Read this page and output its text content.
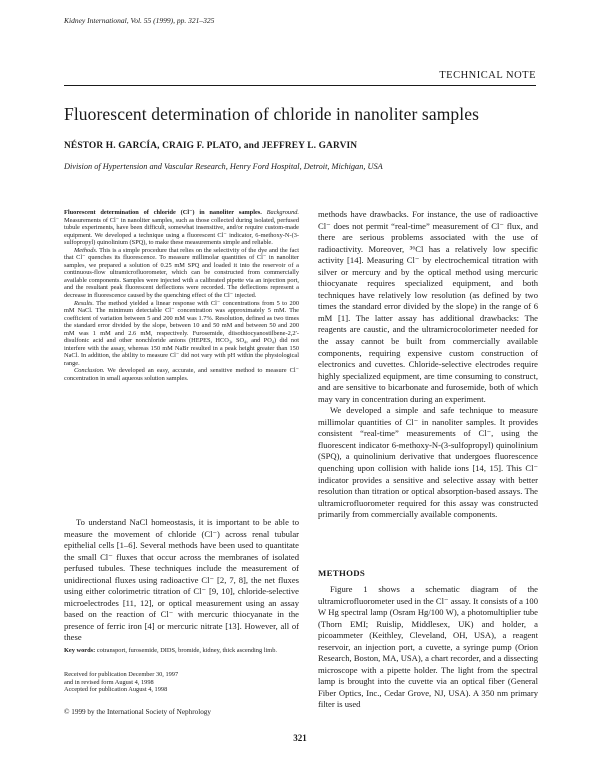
Kidney International, Vol. 55 (1999), pp. 321–325
TECHNICAL NOTE
Fluorescent determination of chloride in nanoliter samples
NÉSTOR H. GARCÍA, CRAIG F. PLATO, and JEFFREY L. GARVIN
Division of Hypertension and Vascular Research, Henry Ford Hospital, Detroit, Michigan, USA

Fluorescent determination of chloride (Cl⁻) in nanoliter samples. Background. Measurements of Cl⁻ in nanoliter samples, such as those collected during isolated, perfused tubule experiments, have been difficult, somewhat insensitive, and/or require custom-made equipment. We developed a technique using a fluorescent Cl⁻ indicator, 6-methoxy-N-(3-sulfopropyl) quinolinium (SPQ), to make these measurements simple and reliable.

Methods. This is a simple procedure that relies on the selectivity of the dye and the fact that Cl⁻ quenches its fluorescence. To measure millimolar quantities of Cl⁻ in nanoliter samples, we prepared a solution of 0.25 mM SPQ and loaded it into the reservoir of a continuous-flow ultramicrofluorometer, which can be constructed from commercially available components. Samples were injected with a calibrated pipette via an injection port, and the resultant peak fluorescent deflections were recorded. The deflections represent a decrease in fluorescence caused by the quenching effect of the Cl⁻ injected.

Results. The method yielded a linear response with Cl⁻ concentrations from 5 to 200 mM NaCl. The minimum detectable Cl⁻ concentration was approximately 5 mM. The coefficient of variation between 5 and 200 mM was 1.7%. Resolution, defined as two times the standard error divided by the slope, between 10 and 50 mM and between 50 and 200 mM was 1 mM and 2.6 mM, respectively. Furosemide, diisothiocyanostilbene-2,2′-disulfonic acid and other nonchloride anions (HEPES, HCO₃, SO₄, and PO₄) did not interfere with the assay, whereas 150 mM NaBr resulted in a peak height greater than 150 NaCl. In addition, the ability to measure Cl⁻ did not vary with pH within the physiological range.

Conclusion. We developed an easy, accurate, and sensitive method to measure Cl⁻ concentration in small aqueous solution samples.

To understand NaCl homeostasis, it is important to be able to measure the movement of chloride (Cl⁻) across renal tubular epithelial cells [1–6]. Several methods have been used to quantitate the small Cl⁻ fluxes that occur across the membranes of isolated perfused tubules. These techniques include the measurement of unidirectional fluxes using radioactive Cl⁻ [2, 7, 8], the net fluxes using either colorimetric titration of Cl⁻ [9, 10], chloride-selective microelectrodes [11, 12], or optical measurement using an assay based on the reaction of Cl⁻ with mercuric thiocyanate in the presence of ferric iron [4] or mercuric nitrate [13]. However, all of these

Key words: cotransport, furosemide, DIDS, bromide, kidney, thick ascending limb.
Received for publication December 30, 1997
and in revised form August 4, 1998
Accepted for publication August 4, 1998
© 1999 by the International Society of Nephrology

methods have drawbacks. For instance, the use of radioactive Cl⁻ does not permit “real-time” measurement of Cl⁻ flux, and there are serious problems associated with the use of radioactivity. Moreover, ³⁶Cl has a relatively low specific activity [14]. Measuring Cl⁻ by electrochemical titration with silver or mercury and by the optical method using mercuric thiocyanate requires specialized equipment, and both techniques have relatively low resolution (as defined by two times the standard error divided by the slope) in the range of 6 mM [1]. The latter assay has additional drawbacks: The reagents are caustic, and the ultramicrocolorimeter needed for the assay cannot be built from commercially available components, requiring expensive custom construction of electronics and cuvettes. Chloride-selective electrodes require highly specialized equipment, are time consuming to construct, and are sensitive to bicarbonate and furosemide, both of which may vary in concentration during an experiment.

We developed a simple and safe technique to measure millimolar quantities of Cl⁻ in nanoliter samples. It provides consistent “real-time” measurements of Cl⁻, using the fluorescent indicator 6-methoxy-N-(3-sulfopropyl) quinolinium (SPQ), a quinolinium derivative that undergoes fluorescence quenching upon collision with halide ions [14, 15]. This Cl⁻ indicator provides a sensitive and selective assay with better resolution than titration or optical absorption-based assays. The ultramicrofluorometer required for this assay was constructed primarily from commercially available components.

METHODS

Figure 1 shows a schematic diagram of the ultramicrofluorometer used in the Cl⁻ assay. It consists of a 100 W Hg spectral lamp (Osram Hg/100 W), a photomultiplier tube (Thorn EMI; Ruislip, Middlesex, UK) and holder, a picoammeter (Keithley, Cleveland, OH, USA), a reagent reservoir, an injection port, a cuvette, a syringe pump (Orion Research, Boston, MA, USA), a chart recorder, and a dissecting microscope with a pipette holder. The light from the spectral lamp is brought into the cuvette via an optical fiber (General Fiber Optics, Inc., Cedar Grove, NJ, USA). A 350 nm primary filter is used

321
